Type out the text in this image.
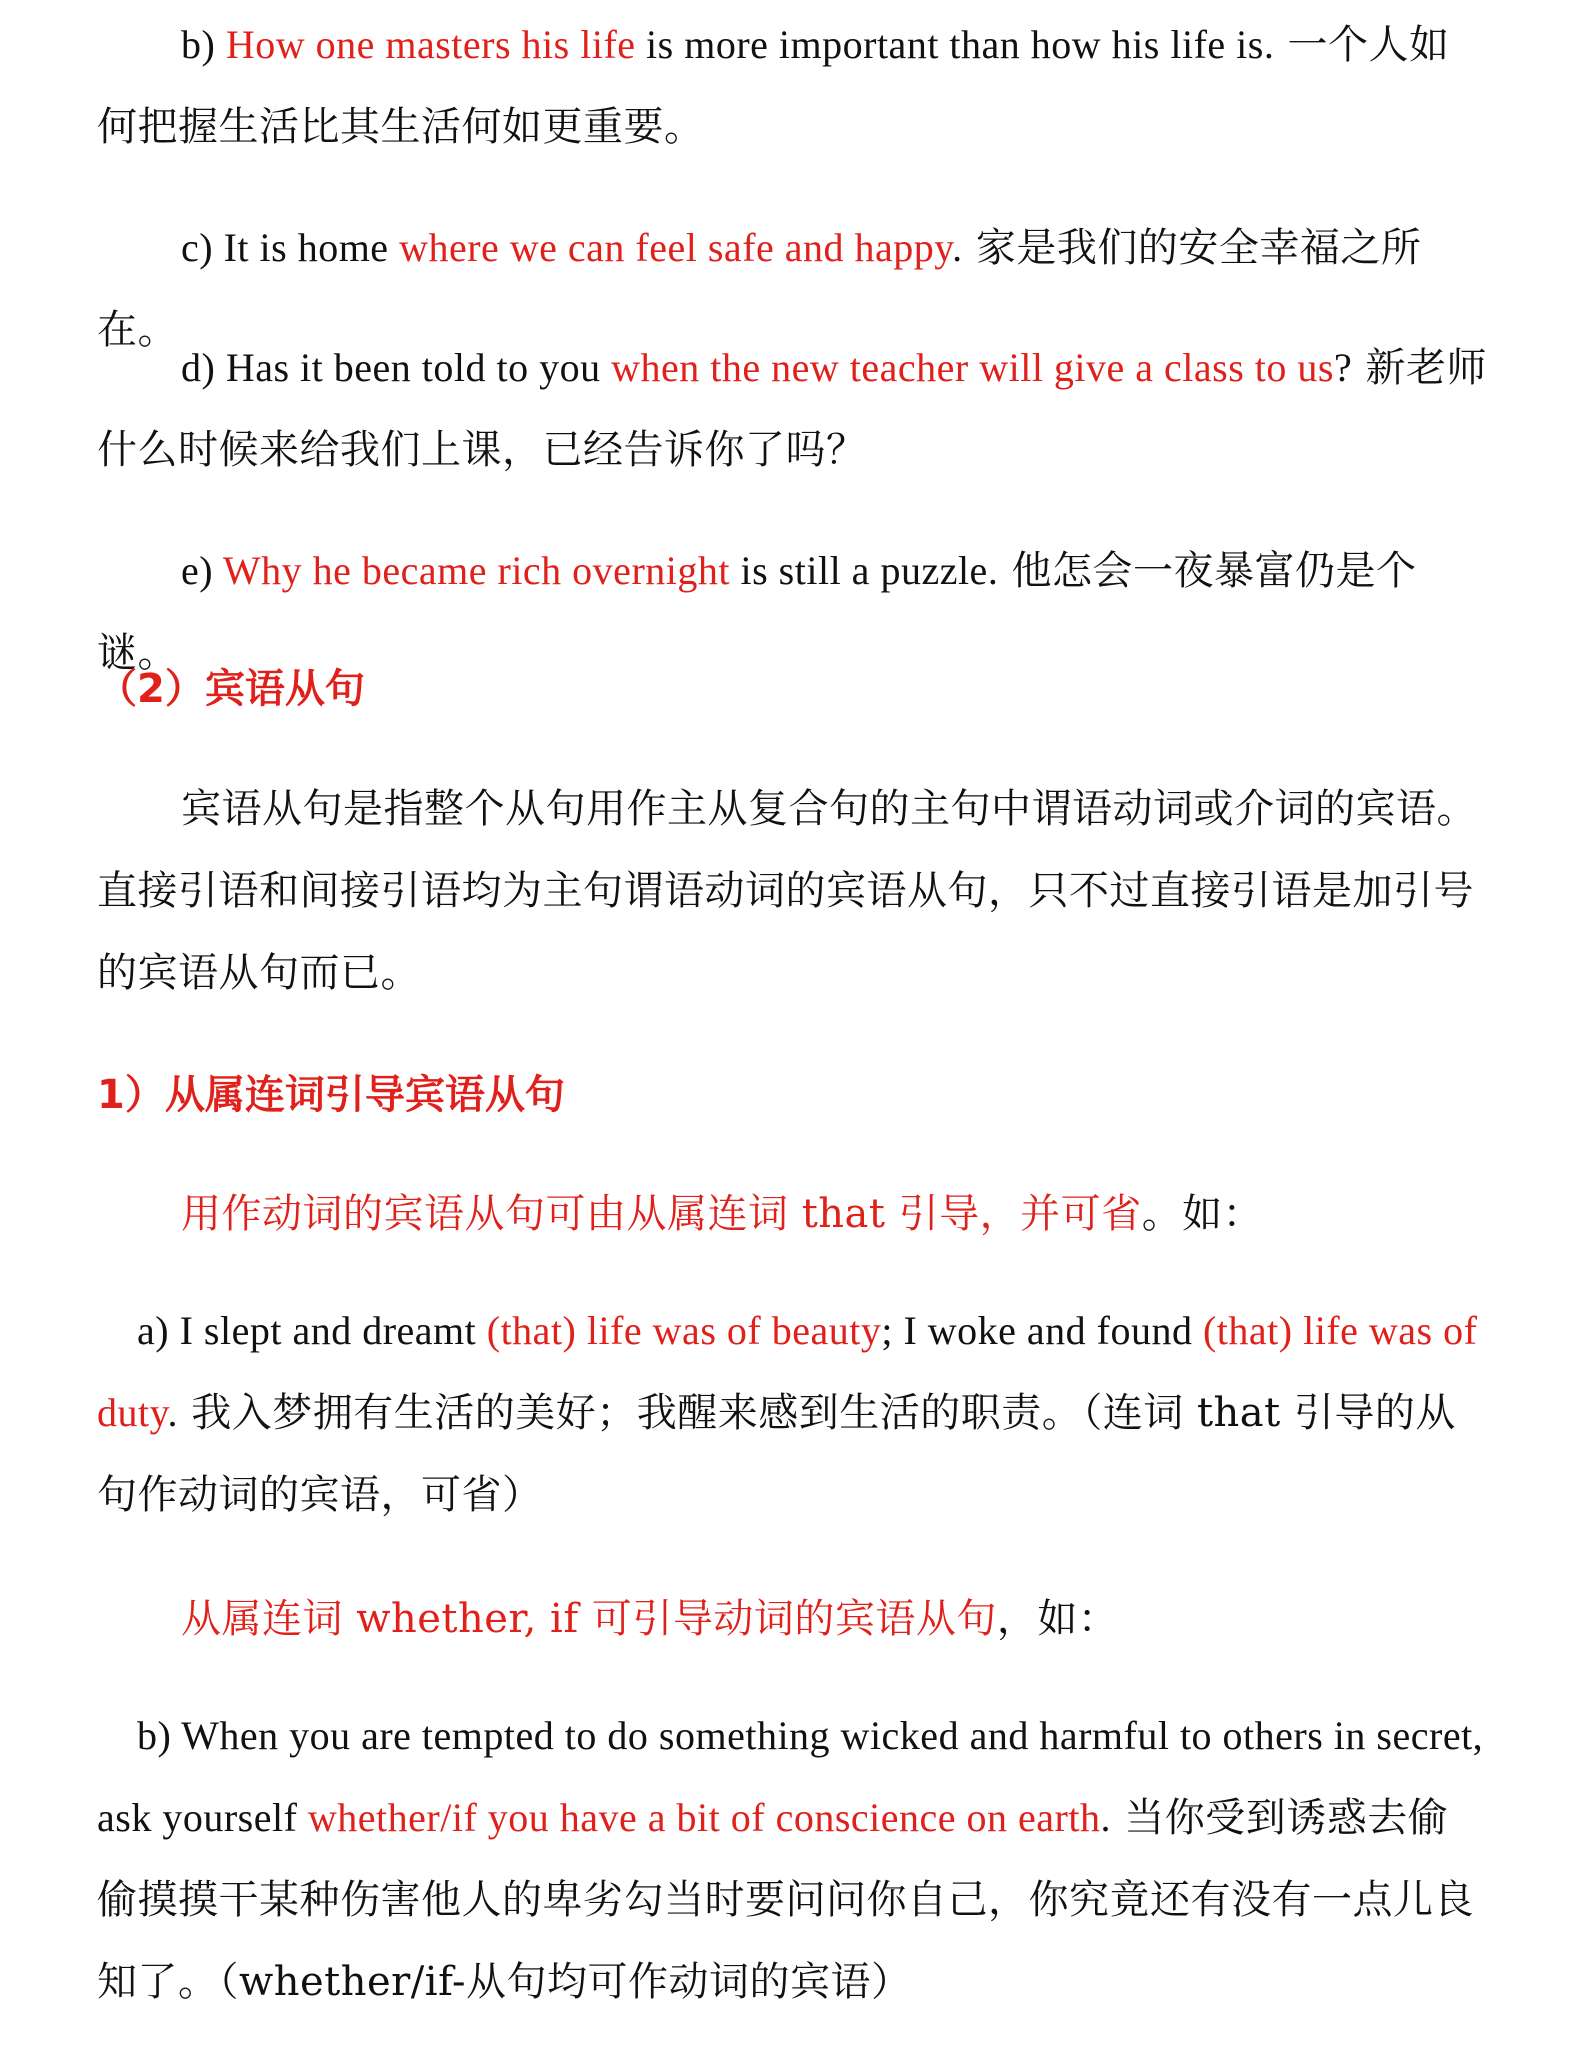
b) How one masters his life is more important than how his life is. 一个人如何把握生活比其生活何如更重要。
c) It is home where we can feel safe and happy. 家是我们的安全幸福之所在。
d) Has it been told to you when the new teacher will give a class to us? 新老师什么时候来给我们上课，已经告诉你了吗？
e) Why he became rich overnight is still a puzzle. 他怎会一夜暴富仍是个谜。
（2）宾语从句
宾语从句是指整个从句用作主从复合句的主句中谓语动词或介词的宾语。直接引语和间接引语均为主句谓语动词的宾语从句，只不过直接引语是加引号的宾语从句而已。
1）从属连词引导宾语从句
用作动词的宾语从句可由从属连词 that 引导，并可省。如：
a) I slept and dreamt (that) life was of beauty; I woke and found (that) life was of duty. 我入梦拥有生活的美好；我醒来感到生活的职责。（连词 that 引导的从句作动词的宾语，可省）
从属连词 whether, if 可引导动词的宾语从句，如：
b) When you are tempted to do something wicked and harmful to others in secret, ask yourself whether/if you have a bit of conscience on earth. 当你受到诱惑去偷偷摸摸干某种伤害他人的卑劣勾当时要问问你自己，你究竟还有没有一点儿良知了。（whether/if-从句均可作动词的宾语）
